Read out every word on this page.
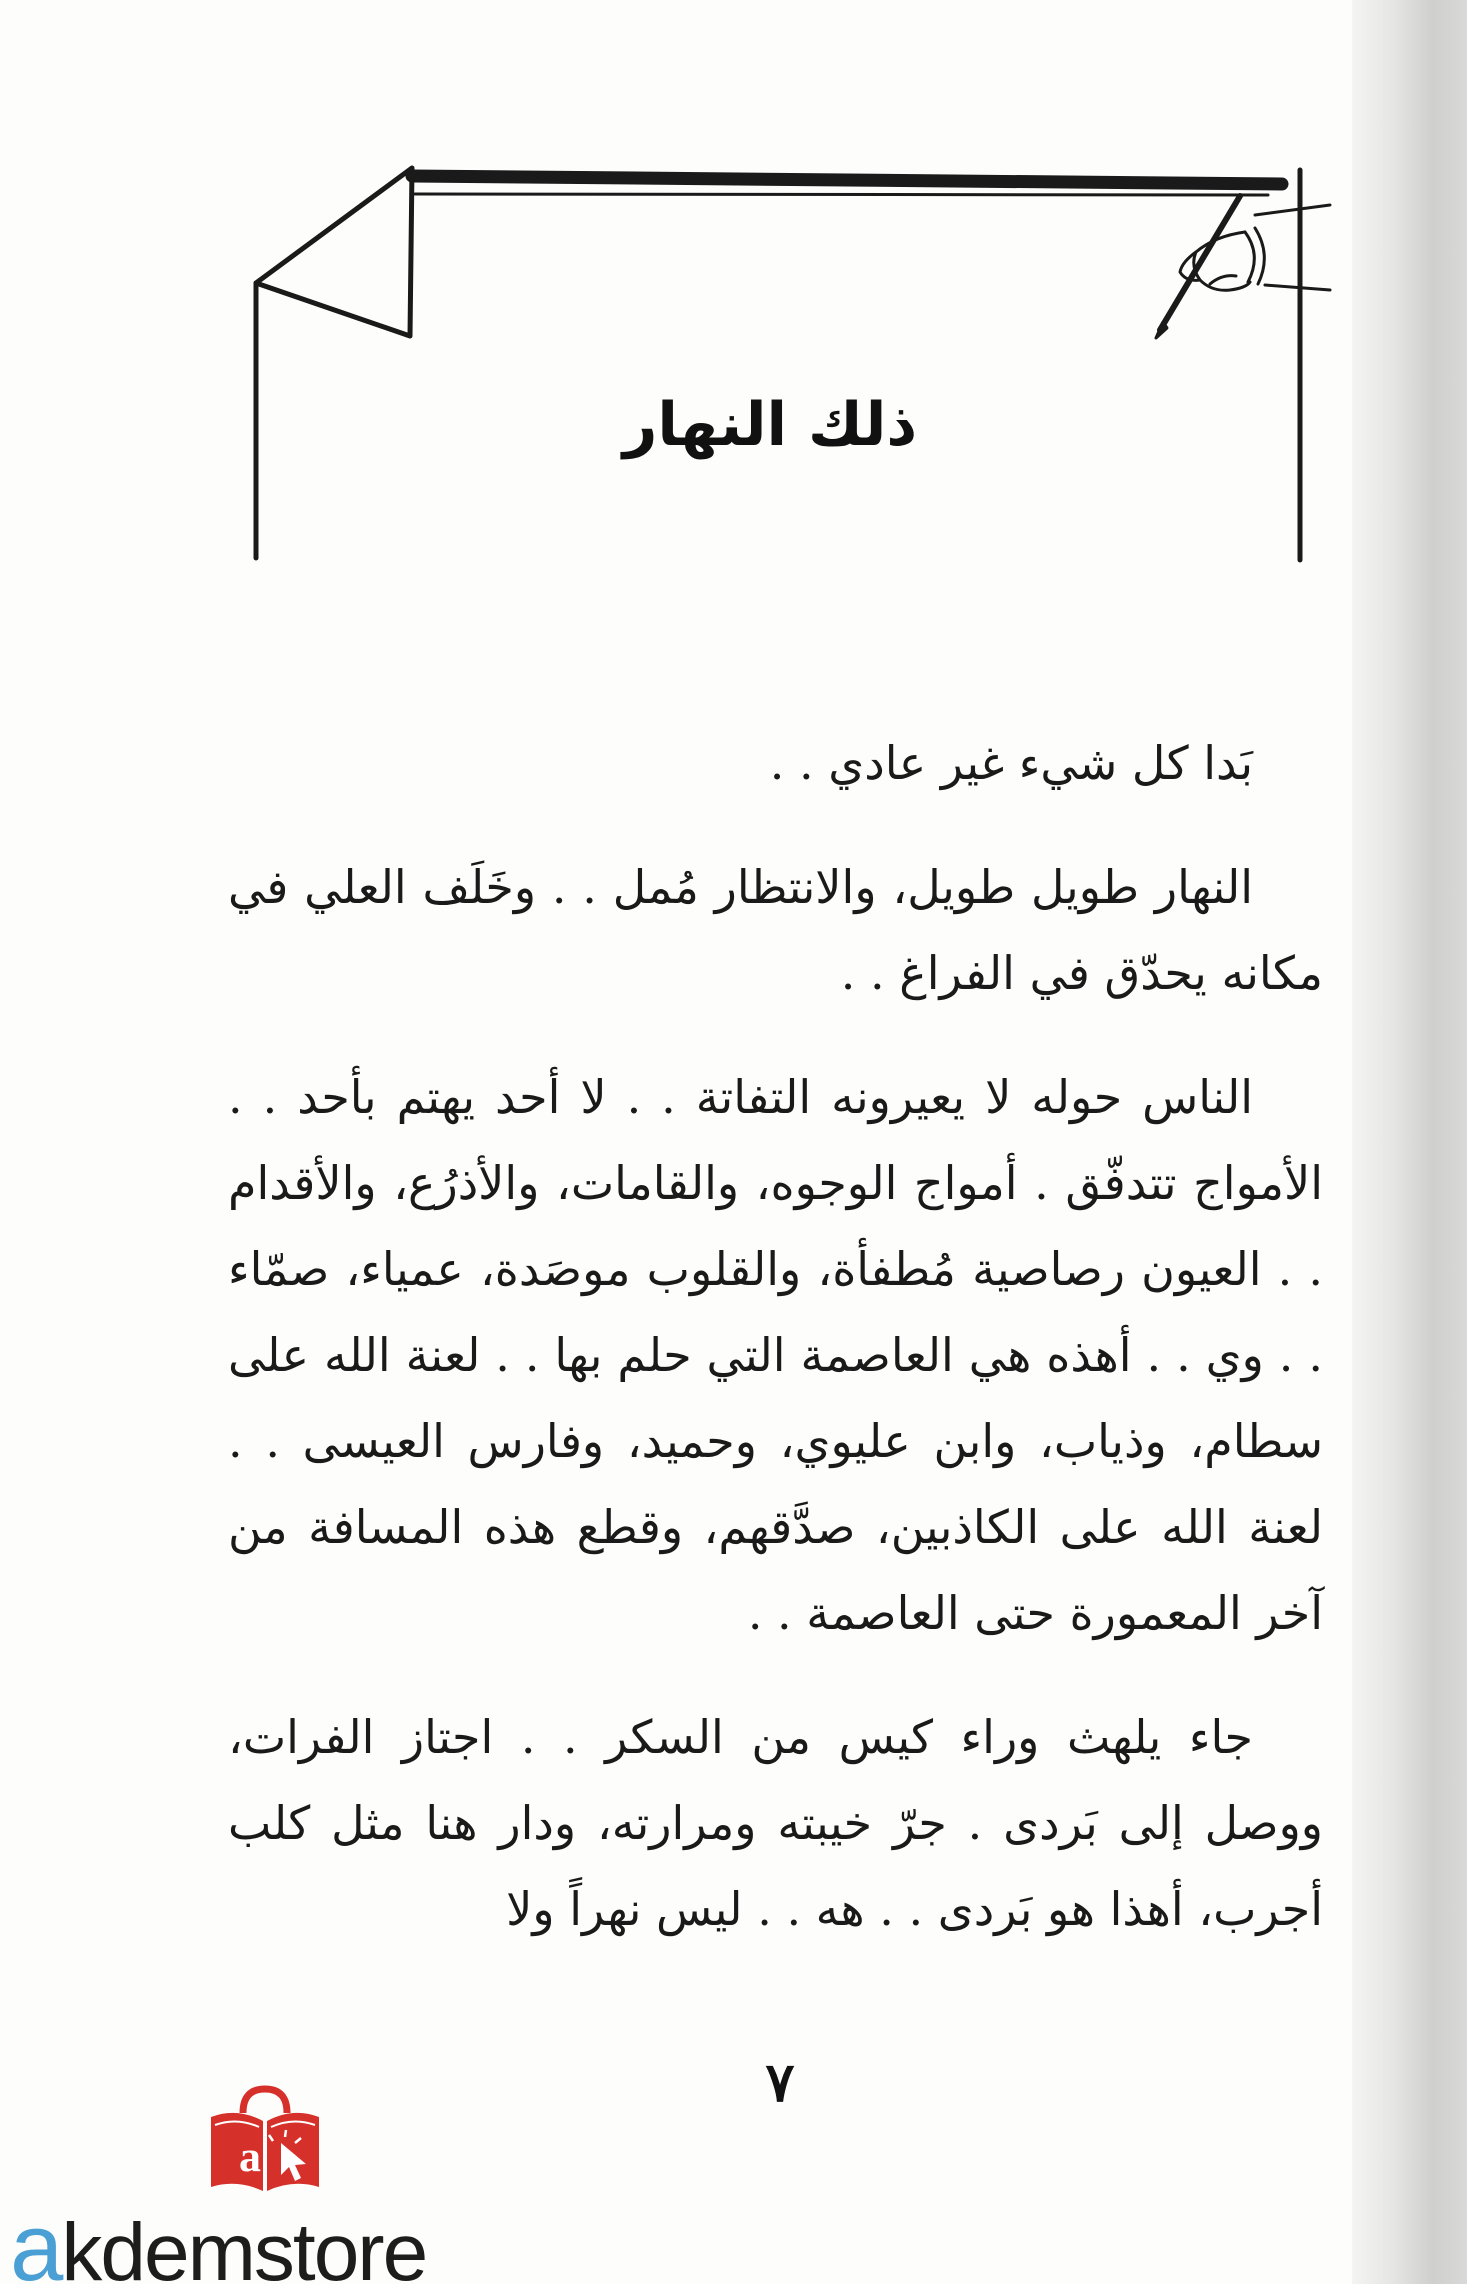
ذلك النهار

بَدا كل شيء غير عادي . .

النهار طويل طويل، والانتظار مُمل . . وخَلَف العلي في مكانه يحدّق في الفراغ . .

الناس حوله لا يعيرونه التفاتة . . لا أحد يهتم بأحد . . الأمواج تتدفّق . أمواج الوجوه، والقامات، والأذرُع، والأقدام . . العيون رصاصية مُطفأة، والقلوب موصَدة، عمياء، صمّاء . . وي . . أهذه هي العاصمة التي حلم بها . . لعنة الله على سطام، وذياب، وابن عليوي، وحميد، وفارس العيسى . . لعنة الله على الكاذبين، صدَّقهم، وقطع هذه المسافة من آخر المعمورة حتى العاصمة . .

جاء يلهث وراء كيس من السكر . . اجتاز الفرات، ووصل إلى بَردى . جرّ خيبته ومرارته، ودار هنا مثل كلب أجرب، أهذا هو بَردى . . هه . . ليس نهراً ولا

٧
a
akdemstore
